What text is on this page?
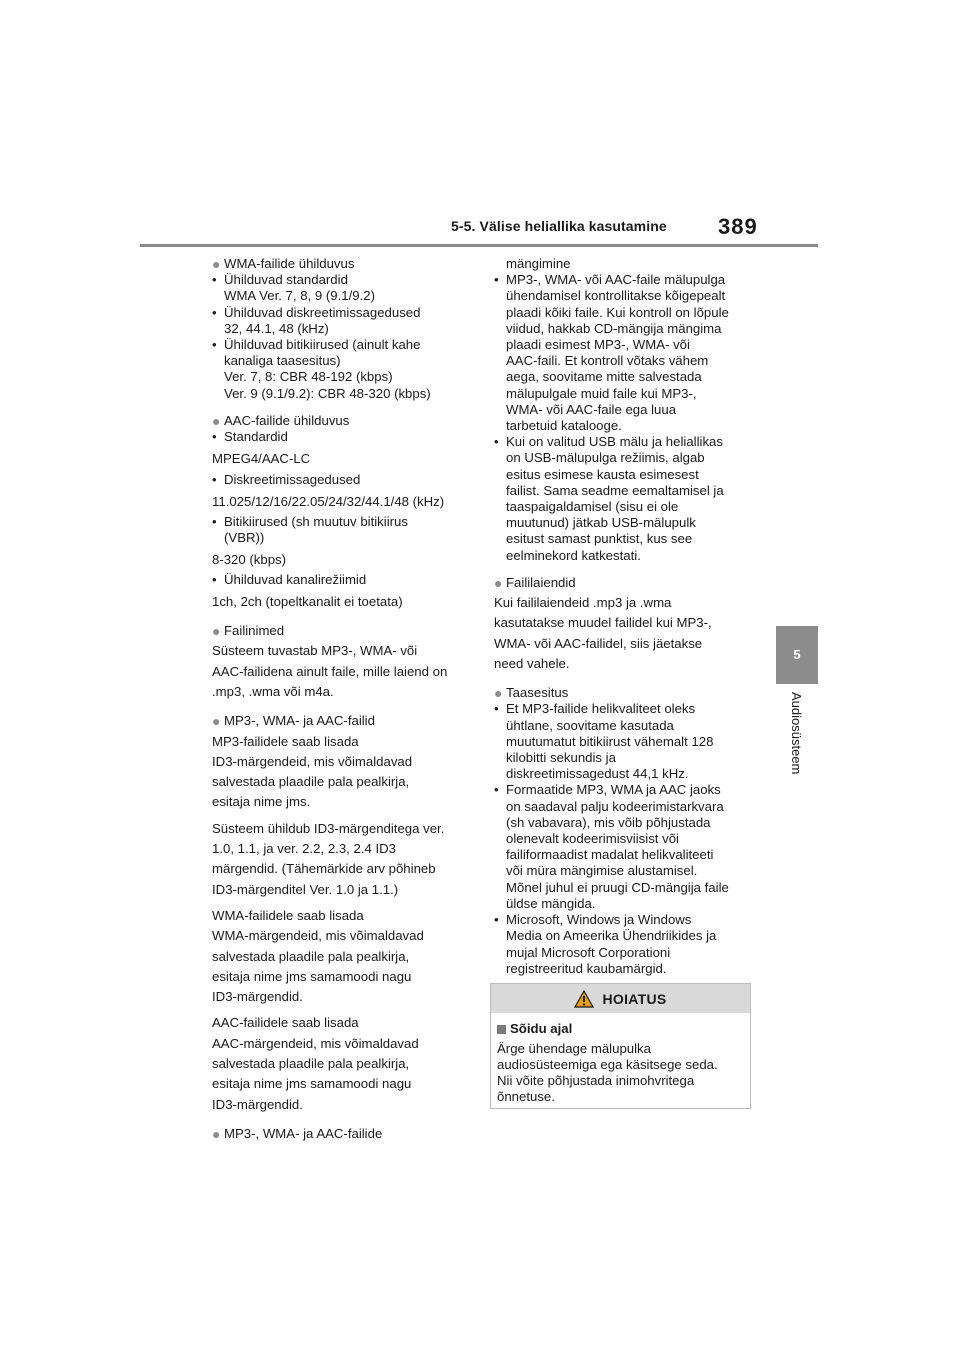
5-5. Välise heliallika kasutamine 389
5
Audiosüsteem
● WMA-failide ühilduvus
• Ühilduvad standardid
WMA Ver. 7, 8, 9 (9.1/9.2)
• Ühilduvad diskreetimissagedused
32, 44.1, 48 (kHz)
• Ühilduvad bitikiirused (ainult kahe
kanaliga taasesitus)
Ver. 7, 8: CBR 48-192 (kbps)
Ver. 9 (9.1/9.2): CBR 48-320 (kbps)
● AAC-failide ühilduvus
• Standardid
MPEG4/AAC-LC
• Diskreetimissagedused
11.025/12/16/22.05/24/32/44.1/48 (kHz)
• Bitikiirused (sh muutuv bitikiirus
(VBR))
8-320 (kbps)
• Ühilduvad kanalirežiimid
1ch, 2ch (topeltkanalit ei toetata)
● Failinimed
Süsteem tuvastab MP3-, WMA- või
AAC-failidena ainult faile, mille laiend on
.mp3, .wma või m4a.
● MP3-, WMA- ja AAC-failid
MP3-failidele saab lisada
ID3-märgendeid, mis võimaldavad
salvestada plaadile pala pealkirja,
esitaja nime jms.
Süsteem ühildub ID3-märgenditega ver.
1.0, 1.1, ja ver. 2.2, 2.3, 2.4 ID3
märgendid. (Tähemärkide arv põhineb
ID3-märgenditel Ver. 1.0 ja 1.1.)
WMA-failidele saab lisada
WMA-märgendeid, mis võimaldavad
salvestada plaadile pala pealkirja,
esitaja nime jms samamoodi nagu
ID3-märgendid.
AAC-failidele saab lisada
AAC-märgendeid, mis võimaldavad
salvestada plaadile pala pealkirja,
esitaja nime jms samamoodi nagu
ID3-märgendid.
● MP3-, WMA- ja AAC-failide
mängimine
• MP3-, WMA- või AAC-faile mälupulga
ühendamisel kontrollitakse kõigepealt
plaadi kõiki faile. Kui kontroll on lõpule
viidud, hakkab CD-mängija mängima
plaadi esimest MP3-, WMA- või
AAC-faili. Et kontroll võtaks vähem
aega, soovitame mitte salvestada
mälupulgale muid faile kui MP3-,
WMA- või AAC-faile ega luua
tarbetuid kataloogе.
• Kui on valitud USB mälu ja heliallikas
on USB-mälupulga režiimis, algab
esitus esimese kausta esimesest
failist. Sama seadme eemaltamisel ja
taaspaigaldamisel (sisu ei ole
muutunud) jätkab USB-mälupulk
esitust samast punktist, kus see
eelminekord katkestati.
● Faililaiendid
Kui faililaiendeid .mp3 ja .wma
kasutatakse muudel failidel kui MP3-,
WMA- või AAC-failidel, siis jäetakse
need vahele.
● Taasesitus
• Et MP3-failide helikvaliteet oleks
ühtlane, soovitame kasutada
muutumatut bitikiirust vähemalt 128
kilobitti sekundis ja
diskreetimissagedust 44,1 kHz.
• Formaatide MP3, WMA ja AAC jaoks
on saadaval palju kodeerimistarkvara
(sh vabavara), mis võib põhjustada
olenevalt kodeerimisviisist või
failiformaadist madalat helikvaliteeti
või müra mängimise alustamisel.
Mõnel juhul ei pruugi CD-mängija faile
üldse mängida.
• Microsoft, Windows ja Windows
Media on Ameerika Ühendriikides ja
mujal Microsoft Corporationi
registreeritud kaubamärgid.
HOIATUS
Sõidu ajal
Ärge ühendage mälupulka
audiosüsteemiga ega käsitsege seda.
Nii võite põhjustada inimohvritega
õnnetuse.
